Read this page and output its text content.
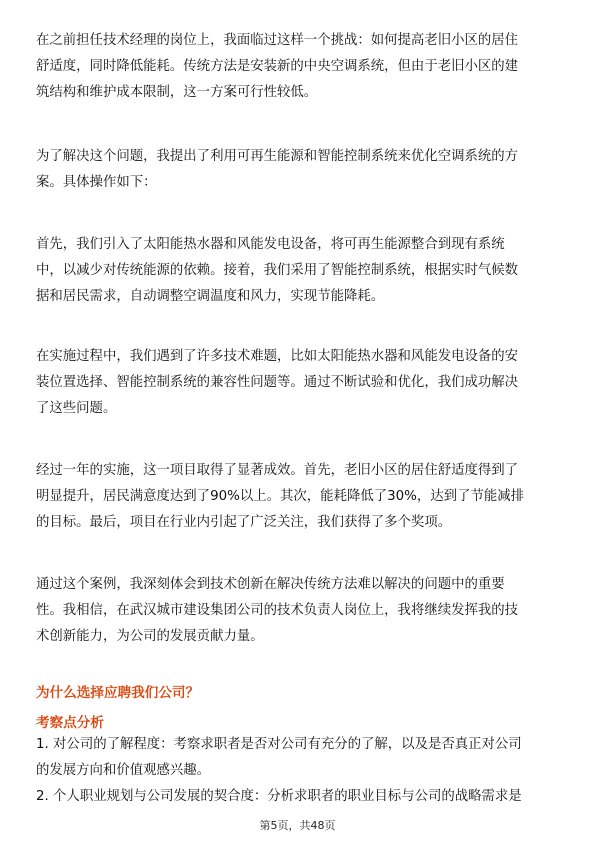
在之前担任技术经理的岗位上，我面临过这样一个挑战：如何提高老旧小区的居住
舒适度，同时降低能耗。传统方法是安装新的中央空调系统，但由于老旧小区的建
筑结构和维护成本限制，这一方案可行性较低。
为了解决这个问题，我提出了利用可再生能源和智能控制系统来优化空调系统的方
案。具体操作如下：
首先，我们引入了太阳能热水器和风能发电设备，将可再生能源整合到现有系统
中，以减少对传统能源的依赖。接着，我们采用了智能控制系统，根据实时气候数
据和居民需求，自动调整空调温度和风力，实现节能降耗。
在实施过程中，我们遇到了许多技术难题，比如太阳能热水器和风能发电设备的安
装位置选择、智能控制系统的兼容性问题等。通过不断试验和优化，我们成功解决
了这些问题。
经过一年的实施，这一项目取得了显著成效。首先，老旧小区的居住舒适度得到了
明显提升，居民满意度达到了90%以上。其次，能耗降低了30%，达到了节能减排
的目标。最后，项目在行业内引起了广泛关注，我们获得了多个奖项。
通过这个案例，我深刻体会到技术创新在解决传统方法难以解决的问题中的重要
性。我相信，在武汉城市建设集团公司的技术负责人岗位上，我将继续发挥我的技
术创新能力，为公司的发展贡献力量。
为什么选择应聘我们公司？
考察点分析
1. 对公司的了解程度：考察求职者是否对公司有充分的了解，以及是否真正对公司
的发展方向和价值观感兴趣。
2. 个人职业规划与公司发展的契合度：分析求职者的职业目标与公司的战略需求是
第5页，共48页
